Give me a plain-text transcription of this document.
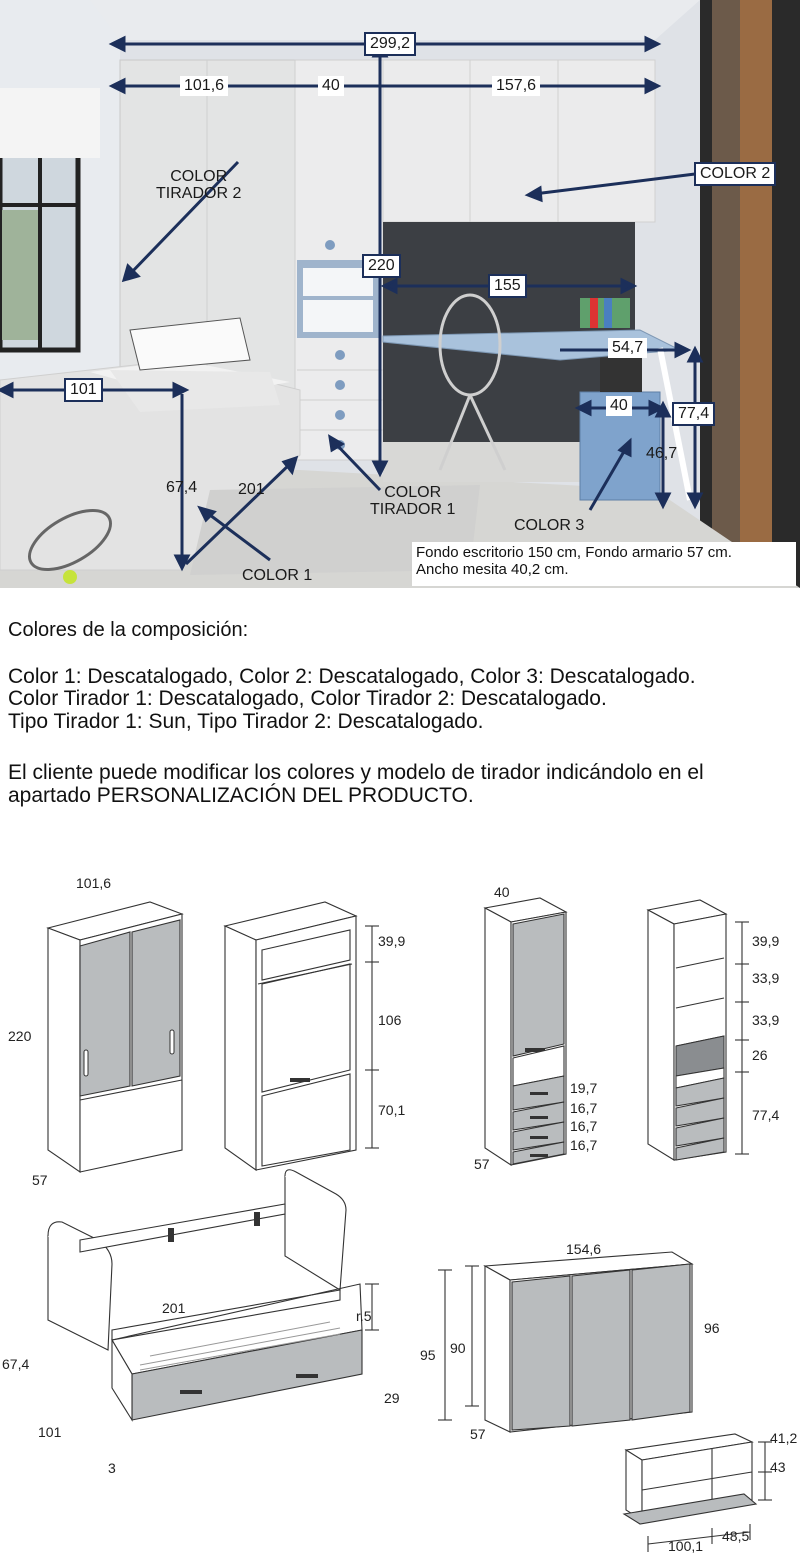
299,2
101,6	40	157,6
220
155
101
54,7
40	77,4
46,7
67,4	201
COLOR
TIRADOR 2
COLOR 2
COLOR
TIRADOR 1
COLOR 1
COLOR 3
Fondo escritorio 150 cm, Fondo armario 57 cm.
Ancho mesita 40,2 cm.
Colores de la composición:
Color 1: Descatalogado, Color 2: Descatalogado, Color 3: Descatalogado.
Color Tirador 1: Descatalogado, Color Tirador 2: Descatalogado.
Tipo Tirador 1: Sun, Tipo Tirador 2: Descatalogado.
El cliente puede modificar los colores y modelo de tirador indicándolo en el
apartado PERSONALIZACIÓN DEL PRODUCTO.
101,6
220
57
39,9
106
70,1
40
57
19,7
16,7
16,7
16,7
39,9
33,9
33,9
26
77,4
201	r.5
67,4
101
3
29
154,6
95 90
96
57	41,2
43
100,1
48,5
